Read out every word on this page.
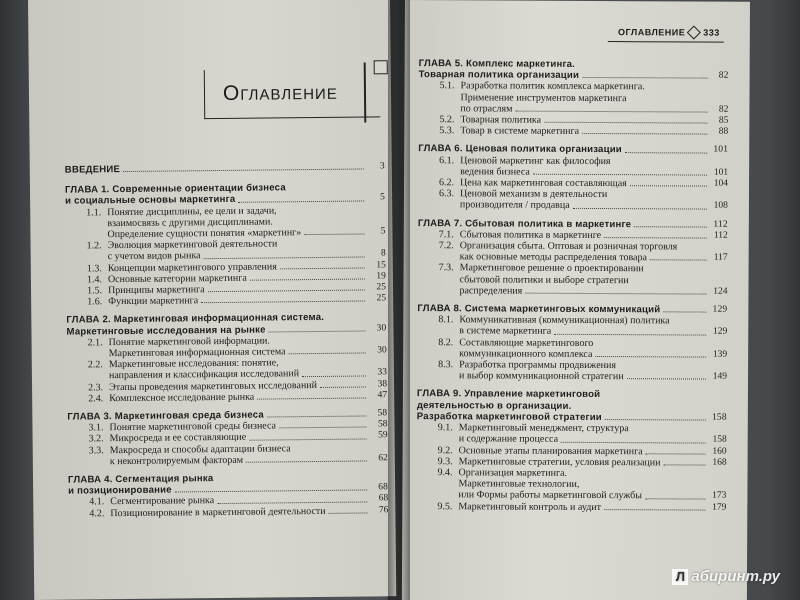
Оглавление
ВВЕДЕНИЕ	3
ГЛАВА 1. Современные ориентации бизнеса
и социальные основы маркетинга	5
1.1. Понятие дисциплины, ее цели и задачи,
взаимосвязь с другими дисциплинами.
Определение сущности понятия «маркетинг»	5
1.2. Эволюция маркетинговой деятельности
с учетом видов рынка	8
1.3. Концепции маркетингового управления	15
1.4. Основные категории маркетинга	19
1.5. Принципы маркетинга	25
1.6. Функции маркетинга	25
ГЛАВА 2. Маркетинговая информационная система.
Маркетинговые исследования на рынке	30
2.1. Понятие маркетинговой информации.
Маркетинговая информационная система	30
2.2. Маркетинговые исследования: понятие,
направления и классификация исследований	33
2.3. Этапы проведения маркетинговых исследований	38
2.4. Комплексное исследование рынка	47
ГЛАВА 3. Маркетинговая среда бизнеса	58
3.1. Понятие маркетинговой среды бизнеса	58
3.2. Микросреда и ее составляющие	59
3.3. Макросреда и способы адаптации бизнеса
к неконтролируемым факторам	62
ГЛАВА 4. Сегментация рынка
и позиционирование	68
4.1. Сегментирование рынка	68
4.2. Позиционирование в маркетинговой деятельности	76
ОГЛАВЛЕНИЕ 333
ГЛАВА 5. Комплекс маркетинга.
Товарная политика организации	82
5.1. Разработка политик комплекса маркетинга.
Применение инструментов маркетинга
по отраслям	82
5.2. Товарная политика	85
5.3. Товар в системе маркетинга	88
ГЛАВА 6. Ценовая политика организации	101
6.1. Ценовой маркетинг как философия
ведения бизнеса	101
6.2. Цена как маркетинговая составляющая	104
6.3. Ценовой механизм в деятельности
производителя / продавца	108
ГЛАВА 7. Сбытовая политика в маркетинге	112
7.1. Сбытовая политика в маркетинге	112
7.2. Организация сбыта. Оптовая и розничная торговля
как основные методы распределения товара	117
7.3. Маркетинговое решение о проектировании
сбытовой политики и выборе стратегии
распределения	124
ГЛАВА 8. Система маркетинговых коммуникаций	129
8.1. Коммуникативная (коммуникационная) политика
в системе маркетинга	129
8.2. Составляющие маркетингового
коммуникационного комплекса	139
8.3. Разработка программы продвижения
и выбор коммуникационной стратегии	149
ГЛАВА 9. Управление маркетинговой
деятельностью в организации.
Разработка маркетинговой стратегии	158
9.1. Маркетинговый менеджмент, структура
и содержание процесса	158
9.2. Основные этапы планирования маркетинга	160
9.3. Маркетинговые стратегии, условия реализации	168
9.4. Организация маркетинга.
Маркетинговые технологии,
или Формы работы маркетинговой службы	173
9.5. Маркетинговый контроль и аудит	179
Л абиринт.ру
